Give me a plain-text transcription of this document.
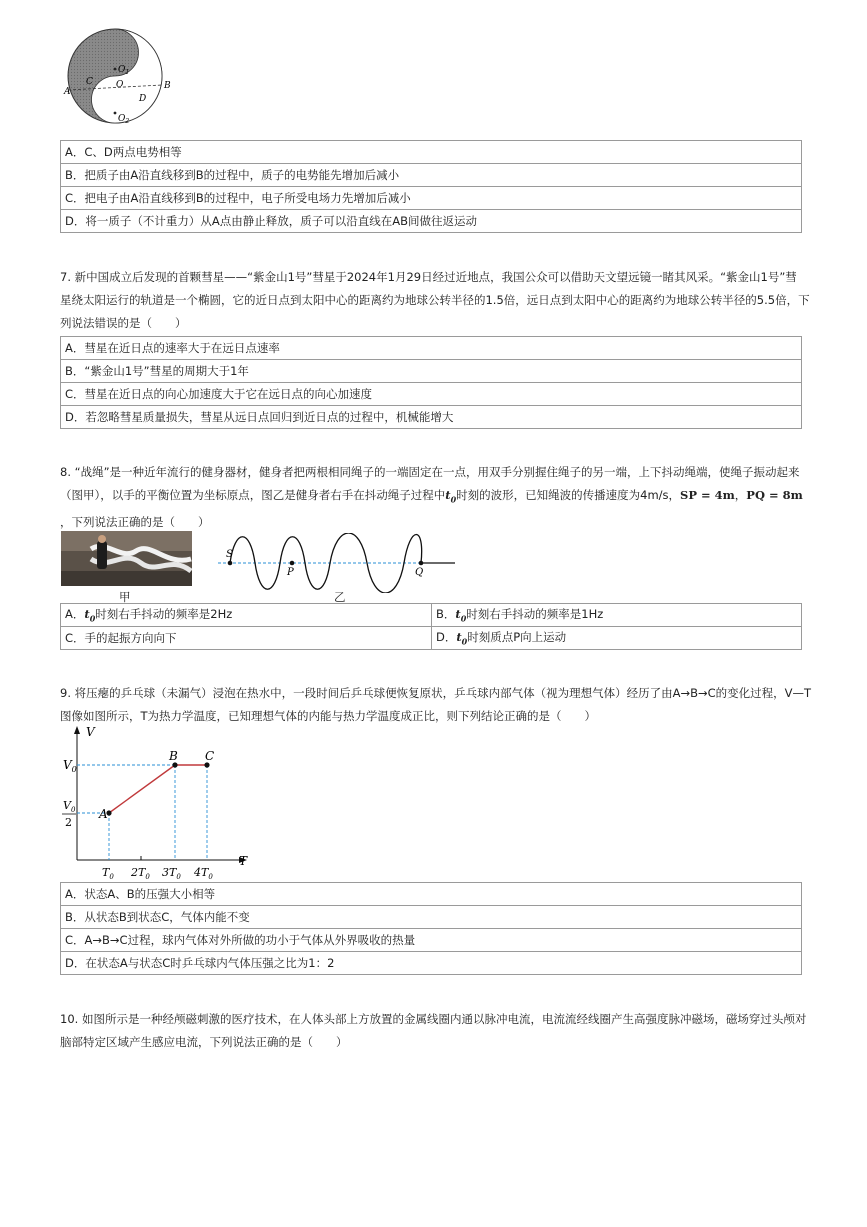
A
B
C
D
O
$O_1$
$O_2$
A．C、D两点电势相等
B．把质子由A沿直线移到B的过程中，质子的电势能先增加后减小
C．把电子由A沿直线移到B的过程中，电子所受电场力先增加后减小
D．将一质子（不计重力）从A点由静止释放，质子可以沿直线在AB间做往返运动
7. 新中国成立后发现的首颗彗星——“紫金山1号”彗星于2024年1月29日经过近地点，我国公众可以借助天文望远镜一睹其风采。“紫金山1号”彗
星绕太阳运行的轨道是一个椭圆，它的近日点到太阳中心的距离约为地球公转半径的1.5倍，远日点到太阳中心的距离约为地球公转半径的5.5倍，下
列说法错误的是（　　）
A．彗星在近日点的速率大于在远日点速率
B．“紫金山1号”彗星的周期大于1年
C．彗星在近日点的向心加速度大于它在远日点的向心加速度
D．若忽略彗星质量损失，彗星从远日点回归到近日点的过程中，机械能增大
8. “战绳”是一种近年流行的健身器材，健身者把两根相同绳子的一端固定在一点，用双手分别握住绳子的另一端，上下抖动绳端，使绳子振动起来
（图甲），以手的平衡位置为坐标原点，图乙是健身者右手在抖动绳子过程中$t_0$时刻的波形，已知绳波的传播速度为4m/s，SP = 4m，PQ = 8m
，下列说法正确的是（　　）
甲
S
P	Q
乙
A．$t_0$时刻右手抖动的频率是2Hz	B．$t_0$时刻右手抖动的频率是1Hz
C．手的起振方向向下	D．$t_0$时刻质点P向上运动
9. 将压瘪的乒乓球（未漏气）浸泡在热水中，一段时间后乒乓球便恢复原状，乒乓球内部气体（视为理想气体）经历了由A→B→C的变化过程，V—T
图像如图所示，T为热力学温度，已知理想气体的内能与热力学温度成正比，则下列结论正确的是（　　）
V
T
$V_0$
$V_0$
2
A
B C
$T_0$ $2T_0$ $3T_0$ $4T_0$
A．状态A、B的压强大小相等
B．从状态B到状态C，气体内能不变
C．A→B→C过程，球内气体对外所做的功小于气体从外界吸收的热量
D．在状态A与状态C时乒乓球内气体压强之比为1：2
10. 如图所示是一种经颅磁刺激的医疗技术，在人体头部上方放置的金属线圈内通以脉冲电流，电流流经线圈产生高强度脉冲磁场，磁场穿过头颅对
脑部特定区域产生感应电流，下列说法正确的是（　　）
